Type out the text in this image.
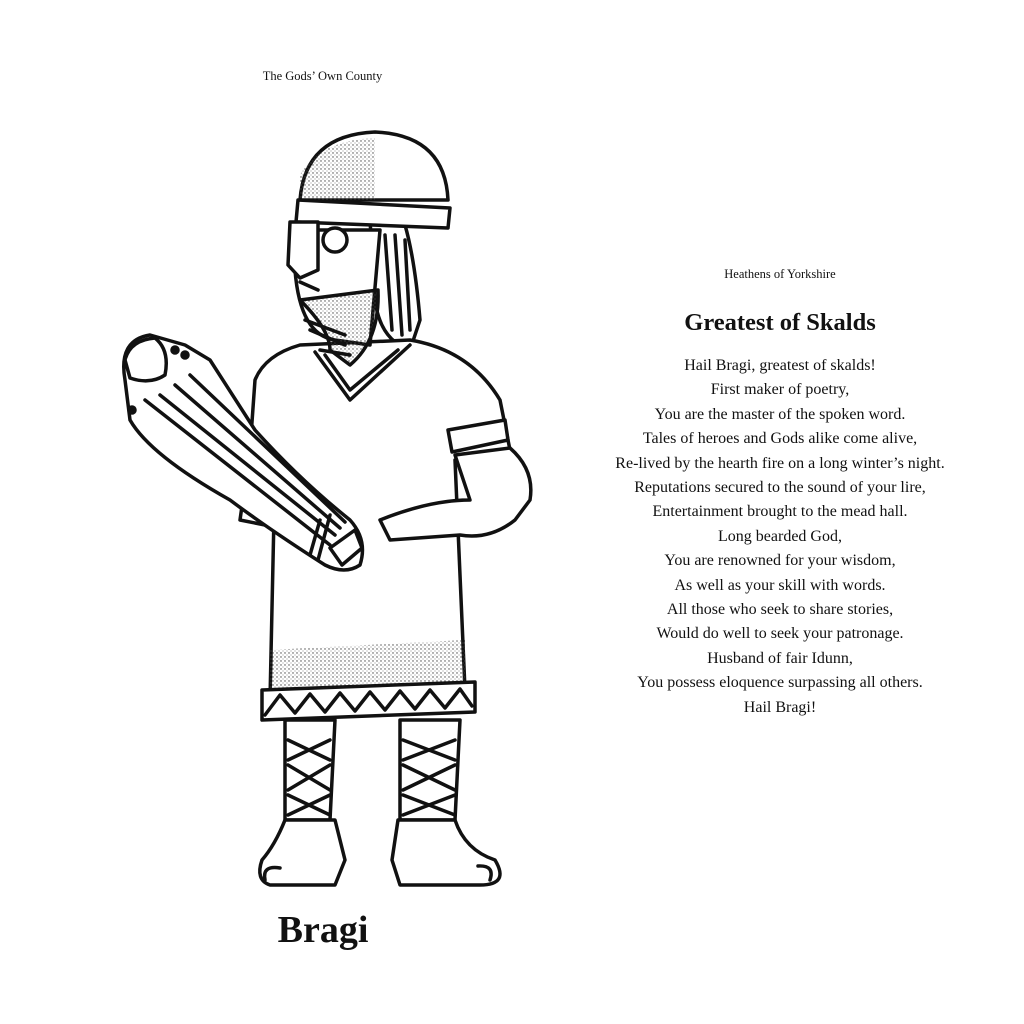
The Gods’ Own County
Bragi
Heathens of Yorkshire
Greatest of Skalds
Hail Bragi, greatest of skalds!
First maker of poetry,
You are the master of the spoken word.
Tales of heroes and Gods alike come alive,
Re-lived by the hearth fire on a long winter’s night.
Reputations secured to the sound of your lire,
Entertainment brought to the mead hall.
Long bearded God,
You are renowned for your wisdom,
As well as your skill with words.
All those who seek to share stories,
Would do well to seek your patronage.
Husband of fair Idunn,
You possess eloquence surpassing all others.
Hail Bragi!
